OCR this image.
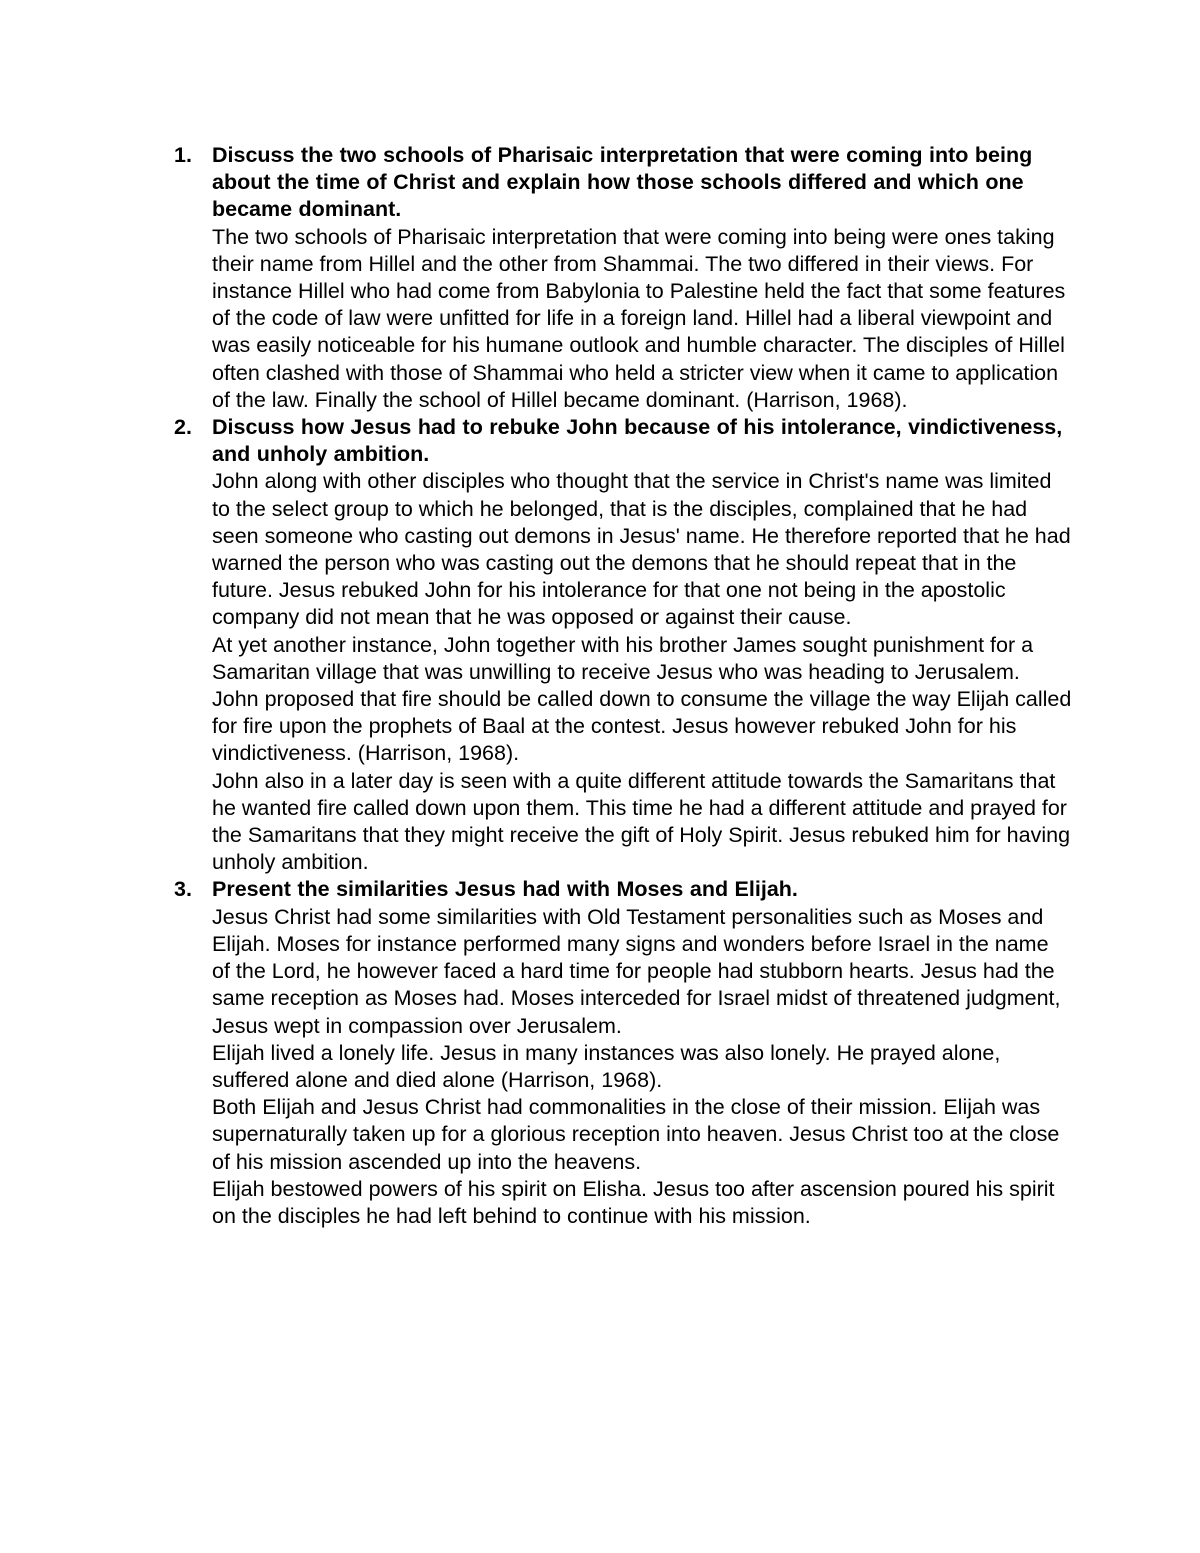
1. Discuss the two schools of Pharisaic interpretation that were coming into being about the time of Christ and explain how those schools differed and which one became dominant.
The two schools of Pharisaic interpretation that were coming into being were ones taking their name from Hillel and the other from Shammai. The two differed in their views. For instance Hillel who had come from Babylonia to Palestine held the fact that some features of the code of law were unfitted for life in a foreign land. Hillel had a liberal viewpoint and was easily noticeable for his humane outlook and humble character. The disciples of Hillel often clashed with those of Shammai who held a stricter view when it came to application of the law. Finally the school of Hillel became dominant. (Harrison, 1968).
2. Discuss how Jesus had to rebuke John because of his intolerance, vindictiveness, and unholy ambition.
John along with other disciples who thought that the service in Christ's name was limited to the select group to which he belonged, that is the disciples, complained that he had seen someone who casting out demons in Jesus' name. He therefore reported that he had warned the person who was casting out the demons that he should repeat that in the future. Jesus rebuked John for his intolerance for that one not being in the apostolic company did not mean that he was opposed or against their cause.
At yet another instance, John together with his brother James sought punishment for a Samaritan village that was unwilling to receive Jesus who was heading to Jerusalem. John proposed that fire should be called down to consume the village the way Elijah called for fire upon the prophets of Baal at the contest. Jesus however rebuked John for his vindictiveness. (Harrison, 1968).
John also in a later day is seen with a quite different attitude towards the Samaritans that he wanted fire called down upon them. This time he had a different attitude and prayed for the Samaritans that they might receive the gift of Holy Spirit. Jesus rebuked him for having unholy ambition.
3. Present the similarities Jesus had with Moses and Elijah.
Jesus Christ had some similarities with Old Testament personalities such as Moses and Elijah. Moses for instance performed many signs and wonders before Israel in the name of the Lord, he however faced a hard time for people had stubborn hearts. Jesus had the same reception as Moses had. Moses interceded for Israel midst of threatened judgment, Jesus wept in compassion over Jerusalem.
Elijah lived a lonely life. Jesus in many instances was also lonely. He prayed alone, suffered alone and died alone (Harrison, 1968).
Both Elijah and Jesus Christ had commonalities in the close of their mission. Elijah was supernaturally taken up for a glorious reception into heaven. Jesus Christ too at the close of his mission ascended up into the heavens.
Elijah bestowed powers of his spirit on Elisha. Jesus too after ascension poured his spirit on the disciples he had left behind to continue with his mission.
